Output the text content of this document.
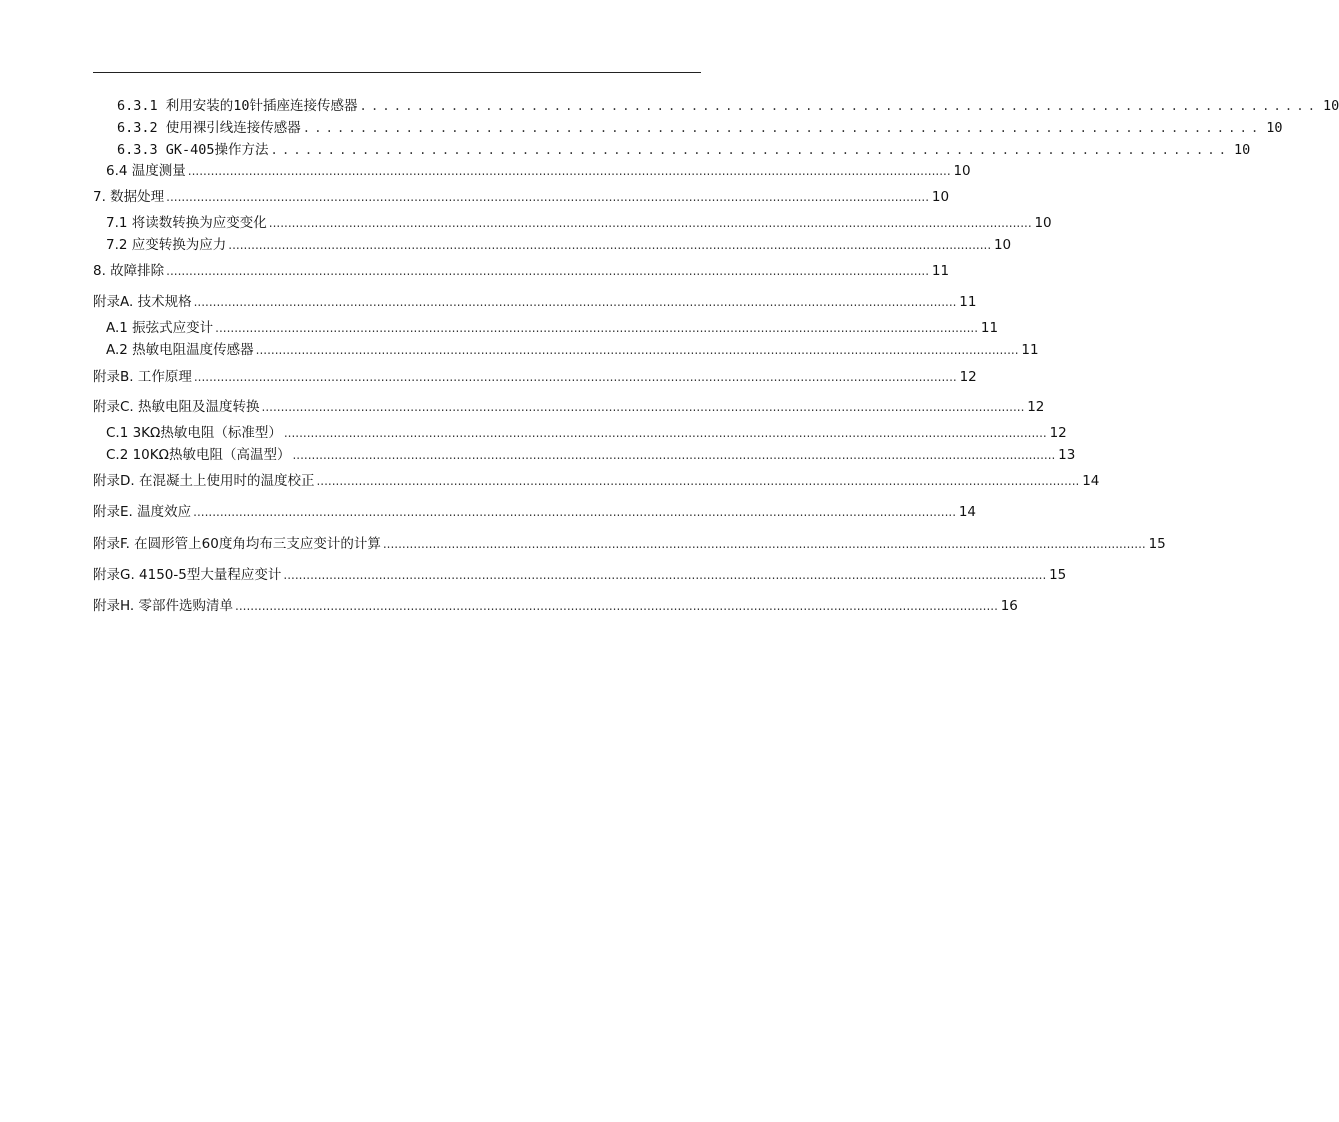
6.3.1 利用安装的10针插座连接传感器 .................................................................................... 10
6.3.2 使用裸引线连接传感器 .................................................................................... 10
6.3.3 GK-405操作方法 .................................................................................... 10
6.4 温度测量 ........................................................................................................................................................................................................ 10
7. 数据处理 ........................................................................................................................................................................................................ 10
7.1 将读数转换为应变变化 ........................................................................................................................................................................................................ 10
7.2 应变转换为应力 ........................................................................................................................................................................................................ 10
8. 故障排除 ........................................................................................................................................................................................................ 11
附录A. 技术规格 ........................................................................................................................................................................................................ 11
A.1 振弦式应变计 ........................................................................................................................................................................................................ 11
A.2 热敏电阻温度传感器 ........................................................................................................................................................................................................ 11
附录B. 工作原理 ........................................................................................................................................................................................................ 12
附录C. 热敏电阻及温度转换 ........................................................................................................................................................................................................ 12
C.1 3KΩ热敏电阻（标准型） ........................................................................................................................................................................................................ 12
C.2 10KΩ热敏电阻（高温型） ........................................................................................................................................................................................................ 13
附录D. 在混凝土上使用时的温度校正 ........................................................................................................................................................................................................ 14
附录E. 温度效应 ........................................................................................................................................................................................................ 14
附录F. 在圆形管上60度角均布三支应变计的计算 ........................................................................................................................................................................................................ 15
附录G. 4150-5型大量程应变计 ........................................................................................................................................................................................................ 15
附录H. 零部件选购清单 ........................................................................................................................................................................................................ 16
